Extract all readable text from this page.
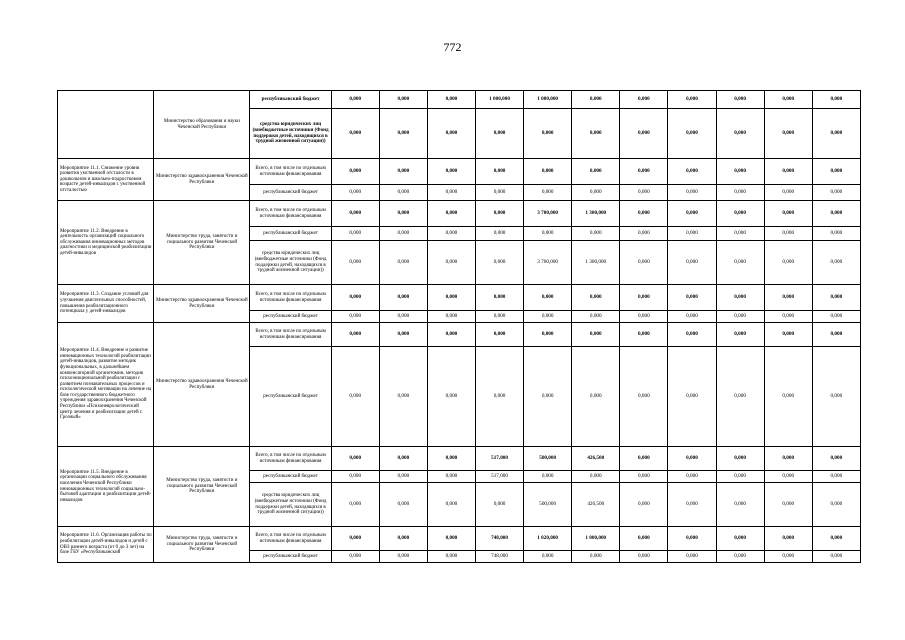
772
	Министерство образования и науки Чеченской Республики	республиканский бюджет	0,000	0,000	0,000	1 000,000	1 000,000	0,000	0,000	0,000	0,000	0,000	0,000
		средства юридических лиц (внебюджетные источники (Фонд поддержки детей, находящихся в трудной жизненной ситуации))	0,000	0,000	0,000	0,000	0,000	0,000	0,000	0,000	0,000	0,000	0,000
Мероприятие 11.1. Снижение уровня развития умственной отсталости в дошкольном и школьно-подростковом возрасте детей-инвалидов с умственной отсталостью	Министерство здравоохранения Чеченской Республики	Всего, в том числе по отдельным источникам финансирования	0,000	0,000	0,000	0,000	0,000	0,000	0,000	0,000	0,000	0,000	0,000
		республиканский бюджет	0,000	0,000	0,000	0,000	0,000	0,000	0,000	0,000	0,000	0,000	0,000
Мероприятие 11.2. Внедрение в деятельность организаций социального обслуживания инновационных методов диагностики и медицинской реабилитации детей-инвалидов	Министерство труда, занятости и социального развития Чеченской Республики	Всего, в том числе по отдельным источникам финансирования	0,000	0,000	0,000	0,000	3 700,000	1 300,000	0,000	0,000	0,000	0,000	0,000
		республиканский бюджет	0,000	0,000	0,000	0,000	0,000	0,000	0,000	0,000	0,000	0,000	0,000
		средства юридических лиц (внебюджетные источники (Фонд поддержки детей, находящихся в трудной жизненной ситуации))	0,000	0,000	0,000	0,000	3 700,000	1 300,000	0,000	0,000	0,000	0,000	0,000
Мероприятие 11.3. Создание условий для улучшения двигательных способностей, повышения реабилитационного потенциала у детей-инвалидов	Министерство здравоохранения Чеченской Республики	Всего, в том числе по отдельным источникам финансирования	0,000	0,000	0,000	0,000	0,000	0,000	0,000	0,000	0,000	0,000	0,000
		республиканский бюджет	0,000	0,000	0,000	0,000	0,000	0,000	0,000	0,000	0,000	0,000	0,000
Мероприятие 11.4. Внедрение и развитие инновационных технологий реабилитации детей-инвалидов, развитие методик функциональных, в дальнейшем компенсаторной органотомии, методик психоэмоциональной реабилитации с развитием познавательных процессов и психологической мотивации на лечение на базе государственного бюджетного учреждения здравоохранения Чеченской Республики «Психоневрологический центр лечения и реабилитации детей г. Грозный»	Министерство здравоохранения Чеченской Республики	Всего, в том числе по отдельным источникам финансирования	0,000	0,000	0,000	0,000	0,000	0,000	0,000	0,000	0,000	0,000	0,000
		республиканский бюджет	0,000	0,000	0,000	0,000	0,000	0,000	0,000	0,000	0,000	0,000	0,000
Мероприятие 11.5. Внедрение в организации социального обслуживания населения Чеченской Республики инновационных технологий социально-бытовой адаптации и реабилитации детей-инвалидов	Министерство труда, занятости и социального развития Чеченской Республики	Всего, в том числе по отдельным источникам финансирования	0,000	0,000	0,000	517,000	500,000	426,500	0,000	0,000	0,000	0,000	0,000
		республиканский бюджет	0,000	0,000	0,000	517,000	0,000	0,000	0,000	0,000	0,000	0,000	0,000
		средства юридических лиц (внебюджетные источники (Фонд поддержки детей, находящихся в трудной жизненной ситуации))	0,000	0,000	0,000	0,000	500,000	426,500	0,000	0,000	0,000	0,000	0,000
Мероприятие 11.6. Организация работы по реабилитации детей-инвалидов и детей с ОВЗ раннего возраста (от 0 до 3 лет) на базе ГБУ «Республиканский	Министерство труда, занятости и социального развития Чеченской Республики	Всего, в том числе по отдельным источникам финансирования	0,000	0,000	0,000	748,000	1 020,000	1 000,000	0,000	0,000	0,000	0,000	0,000
		республиканский бюджет	0,000	0,000	0,000	748,000	0,000	0,000	0,000	0,000	0,000	0,000	0,000
